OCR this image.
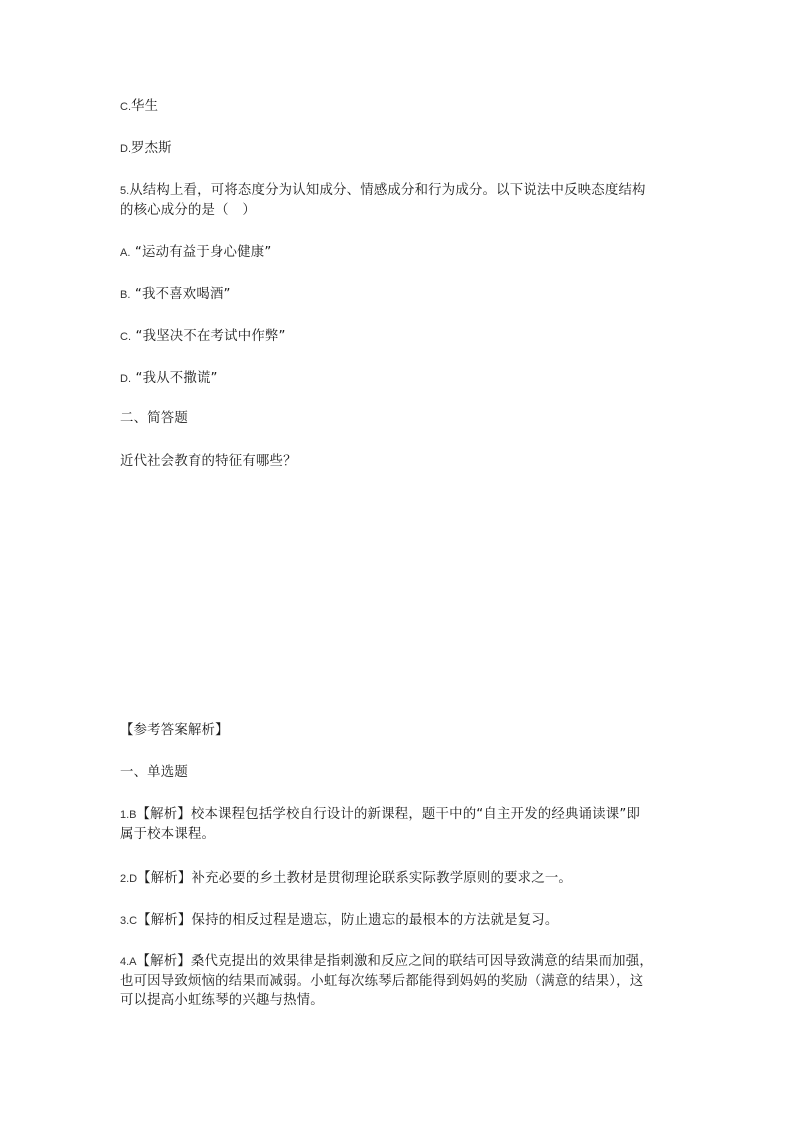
C.华生
D.罗杰斯
5.从结构上看，可将态度分为认知成分、情感成分和行为成分。以下说法中反映态度结构
的核心成分的是（　）
A. “运动有益于身心健康”
B. “我不喜欢喝酒”
C. “我坚决不在考试中作弊”
D. “我从不撒谎”
二、简答题
近代社会教育的特征有哪些？
【参考答案解析】
一、单选题
1.B【解析】校本课程包括学校自行设计的新课程，题干中的“自主开发的经典诵读课”即
属于校本课程。
2.D【解析】补充必要的乡土教材是贯彻理论联系实际教学原则的要求之一。
3.C【解析】保持的相反过程是遗忘，防止遗忘的最根本的方法就是复习。
4.A【解析】桑代克提出的效果律是指刺激和反应之间的联结可因导致满意的结果而加强，
也可因导致烦恼的结果而减弱。小虹每次练琴后都能得到妈妈的奖励（满意的结果），这
可以提高小虹练琴的兴趣与热情。
